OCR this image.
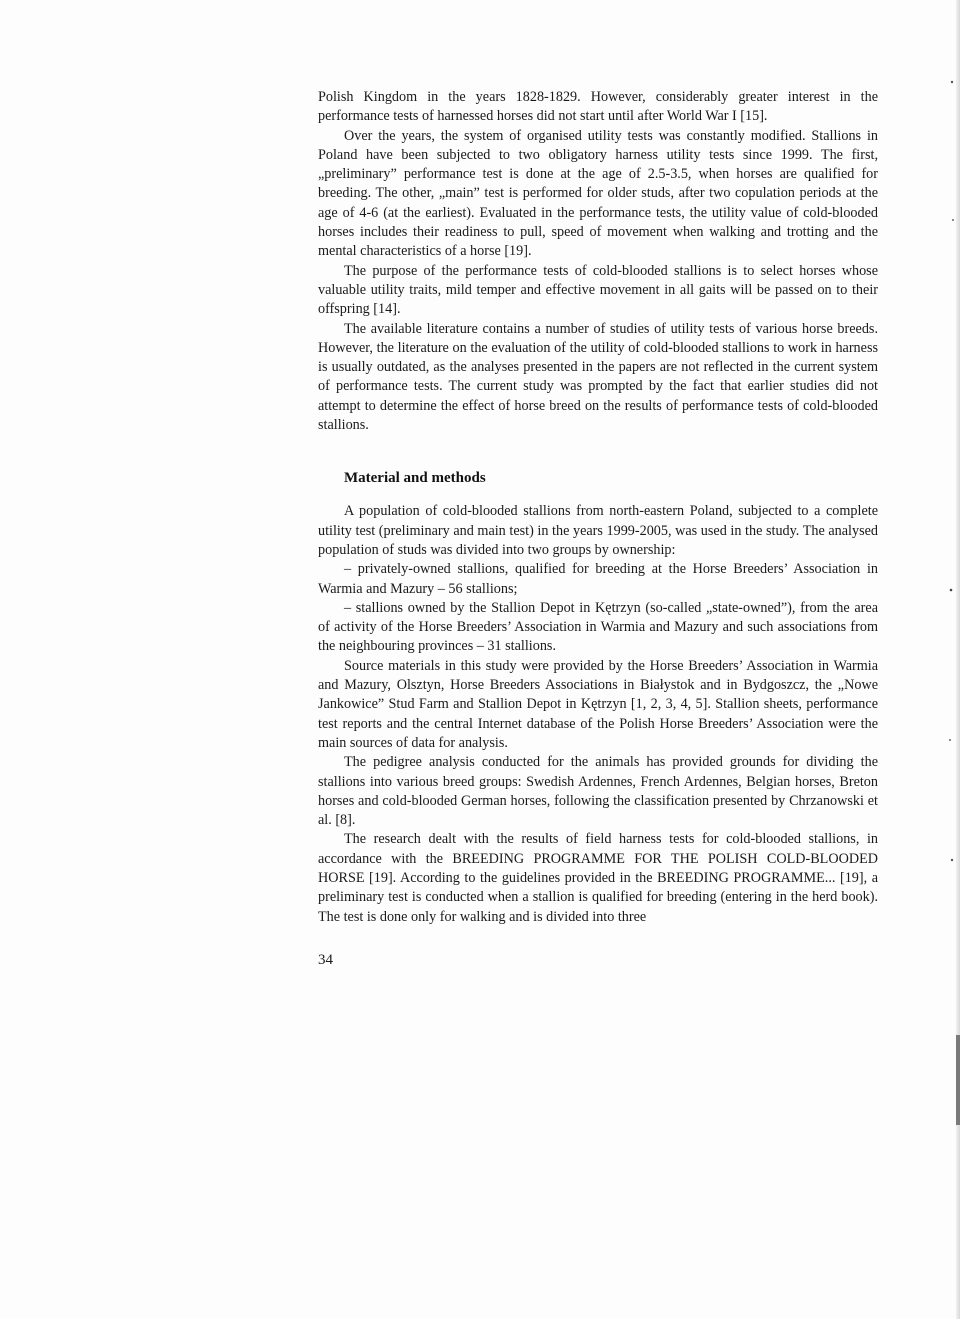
Polish Kingdom in the years 1828-1829. However, considerably greater interest in the performance tests of harnessed horses did not start until after World War I [15].

Over the years, the system of organised utility tests was constantly modified. Stallions in Poland have been subjected to two obligatory harness utility tests since 1999. The first, „preliminary” performance test is done at the age of 2.5-3.5, when horses are qualified for breeding. The other, „main” test is performed for older studs, after two copulation periods at the age of 4-6 (at the earliest). Evaluated in the performance tests, the utility value of cold-blooded horses includes their readiness to pull, speed of movement when walking and trotting and the mental characteristics of a horse [19].

The purpose of the performance tests of cold-blooded stallions is to select horses whose valuable utility traits, mild temper and effective movement in all gaits will be passed on to their offspring [14].

The available literature contains a number of studies of utility tests of various horse breeds. However, the literature on the evaluation of the utility of cold-blooded stallions to work in harness is usually outdated, as the analyses presented in the papers are not reflected in the current system of performance tests. The current study was prompted by the fact that earlier studies did not attempt to determine the effect of horse breed on the results of performance tests of cold-blooded stallions.

Material and methods

A population of cold-blooded stallions from north-eastern Poland, subjected to a complete utility test (preliminary and main test) in the years 1999-2005, was used in the study. The analysed population of studs was divided into two groups by ownership:

– privately-owned stallions, qualified for breeding at the Horse Breeders’ Association in Warmia and Mazury – 56 stallions;

– stallions owned by the Stallion Depot in Kętrzyn (so-called „state-owned”), from the area of activity of the Horse Breeders’ Association in Warmia and Mazury and such associations from the neighbouring provinces – 31 stallions.

Source materials in this study were provided by the Horse Breeders’ Association in Warmia and Mazury, Olsztyn, Horse Breeders Associations in Białystok and in Bydgoszcz, the „Nowe Jankowice” Stud Farm and Stallion Depot in Kętrzyn [1, 2, 3, 4, 5]. Stallion sheets, performance test reports and the central Internet database of the Polish Horse Breeders’ Association were the main sources of data for analysis.

The pedigree analysis conducted for the animals has provided grounds for dividing the stallions into various breed groups: Swedish Ardennes, French Ardennes, Belgian horses, Breton horses and cold-blooded German horses, following the classification presented by Chrzanowski et al. [8].

The research dealt with the results of field harness tests for cold-blooded stallions, in accordance with the BREEDING PROGRAMME FOR THE POLISH COLD-BLOODED HORSE [19]. According to the guidelines provided in the BREEDING PROGRAMME... [19], a preliminary test is conducted when a stallion is qualified for breeding (entering in the herd book). The test is done only for walking and is divided into three

34
